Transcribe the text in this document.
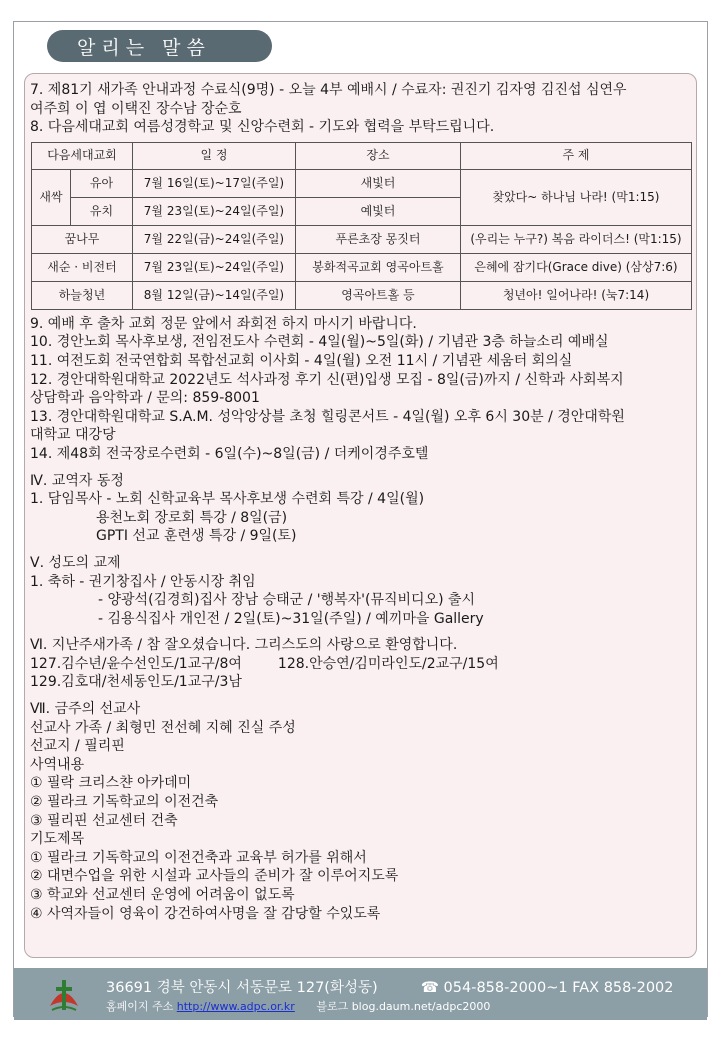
알리는 말씀

7. 제81기 새가족 안내과정 수료식(9명) - 오늘 4부 예배시 / 수료자: 권진기 김자영 김진섭 심연우

여주희 이 엽 이택진 장수남 장순호

8. 다음세대교회 여름성경학교 및 신앙수련회 - 기도와 협력을 부탁드립니다.

다음세대교회		일 정	장소	주 제
새싹	유아	7월 16일(토)~17일(주일)	새빛터	찾았다~ 하나님 나라! (막1:15)
	유치	7월 23일(토)~24일(주일)	예빛터	
꿈나무		7월 22일(금)~24일(주일)	푸른초장 몽짓터	(우리는 누구?) 복음 라이더스! (막1:15)
새순 · 비전터		7월 23일(토)~24일(주일)	봉화적곡교회 영곡아트홀	은혜에 잠기다(Grace dive) (삼상7:6)
하늘청년		8월 12일(금)~14일(주일)	영곡아트홀 등	청년아! 일어나라! (눅7:14)

9. 예배 후 출차 교회 정문 앞에서 좌회전 하지 마시기 바랍니다.

10. 경안노회 목사후보생, 전임전도사 수련회 - 4일(월)~5일(화) / 기념관 3층 하늘소리 예배실

11. 여전도회 전국연합회 목합선교회 이사회 - 4일(월) 오전 11시 / 기념관 세움터 회의실

12. 경안대학원대학교 2022년도 석사과정 후기 신(편)입생 모집 - 8일(금)까지 / 신학과 사회복지

상담학과 음악학과 / 문의: 859-8001

13. 경안대학원대학교 S.A.M. 성악앙상블 초청 힐링콘서트 - 4일(월) 오후 6시 30분 / 경안대학원

대학교 대강당

14. 제48회 전국장로수련회 - 6일(수)~8일(금) / 더케이경주호텔

Ⅳ. 교역자 동정

1. 담임목사 - 노회 신학교육부 목사후보생 수련회 특강 / 4일(월)

용천노회 장로회 특강 / 8일(금)

GPTI 선교 훈련생 특강 / 9일(토)

Ⅴ. 성도의 교제

1. 축하 - 권기창집사 / 안동시장 취임

- 양광석(김경희)집사 장남 승태군 / '행복자'(뮤직비디오) 출시

- 김용식집사 개인전 / 2일(토)~31일(주일) / 예끼마을 Gallery

Ⅵ. 지난주새가족 / 참 잘오셨습니다. 그리스도의 사랑으로 환영합니다.

127.김수년/윤수선인도/1교구/8여	128.안승연/김미라인도/2교구/15여

129.김호대/천세동인도/1교구/3남

Ⅶ. 금주의 선교사

선교사 가족 / 최형민 전선혜 지혜 진실 주성

선교지 / 필리핀

사역내용

① 필락 크리스챤 아카데미

② 필라크 기독학교의 이전건축

③ 필리핀 선교센터 건축

기도제목

① 필라크 기독학교의 이전건축과 교육부 허가를 위해서

② 대면수업을 위한 시설과 교사들의 준비가 잘 이루어지도록

③ 학교와 선교센터 운영에 어려움이 없도록

④ 사역자들이 영육이 강건하여사명을 잘 감당할 수있도록

36691 경북 안동시 서동문로 127(화성동)	☎ 054-858-2000~1 FAX 858-2002
홈페이지 주소 http://www.adpc.or.kr 블로그 blog.daum.net/adpc2000
